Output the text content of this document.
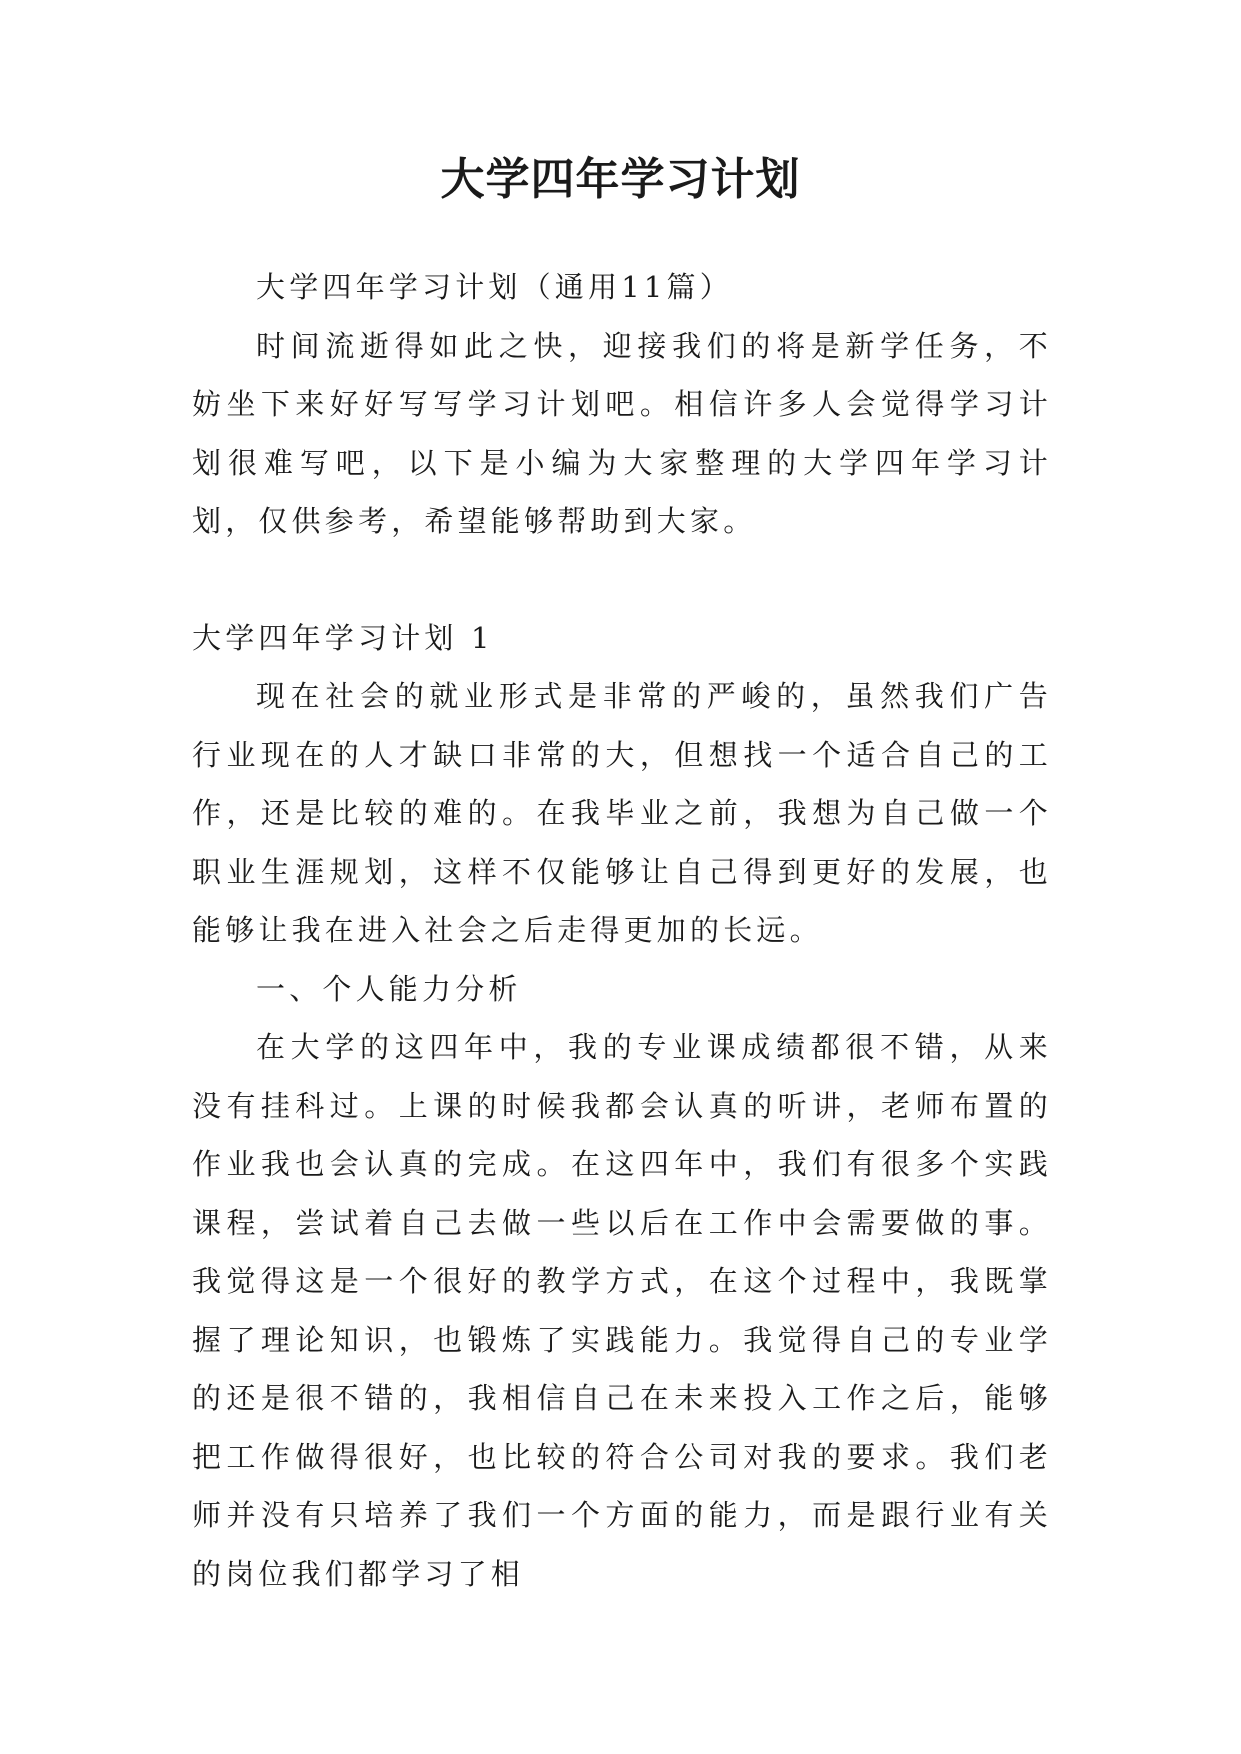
大学四年学习计划

大学四年学习计划（通用11篇）

时间流逝得如此之快，迎接我们的将是新学任务，不妨坐下来好好写写学习计划吧。相信许多人会觉得学习计划很难写吧，以下是小编为大家整理的大学四年学习计划，仅供参考，希望能够帮助到大家。

大学四年学习计划 1

现在社会的就业形式是非常的严峻的，虽然我们广告行业现在的人才缺口非常的大，但想找一个适合自己的工作，还是比较的难的。在我毕业之前，我想为自己做一个职业生涯规划，这样不仅能够让自己得到更好的发展，也能够让我在进入社会之后走得更加的长远。

一、个人能力分析

在大学的这四年中，我的专业课成绩都很不错，从来没有挂科过。上课的时候我都会认真的听讲，老师布置的作业我也会认真的完成。在这四年中，我们有很多个实践课程，尝试着自己去做一些以后在工作中会需要做的事。我觉得这是一个很好的教学方式，在这个过程中，我既掌握了理论知识，也锻炼了实践能力。我觉得自己的专业学的还是很不错的，我相信自己在未来投入工作之后，能够把工作做得很好，也比较的符合公司对我的要求。我们老师并没有只培养了我们一个方面的能力，而是跟行业有关的岗位我们都学习了相
